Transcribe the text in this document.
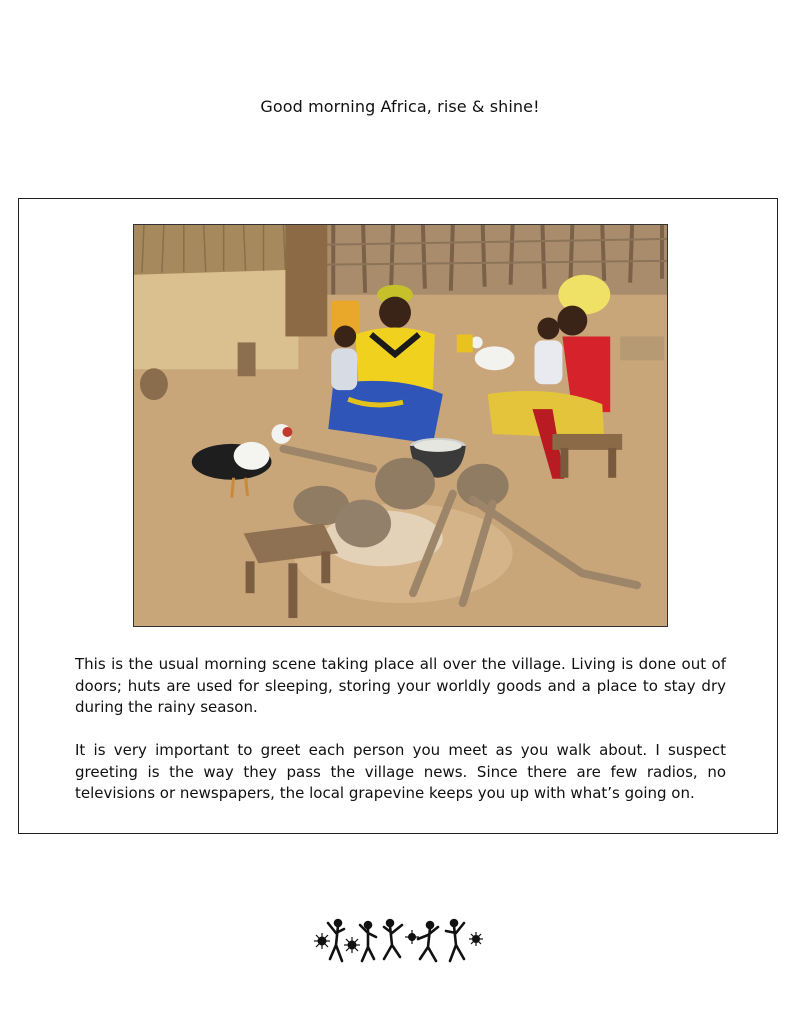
Good morning Africa, rise & shine!

This is the usual morning scene taking place all over the village. Living is done out of doors; huts are used for sleeping, storing your worldly goods and a place to stay dry during the rainy season.

It is very important to greet each person you meet as you walk about. I suspect greeting is the way they pass the village news. Since there are few radios, no televisions or newspapers, the local grapevine keeps you up with what’s going on.
